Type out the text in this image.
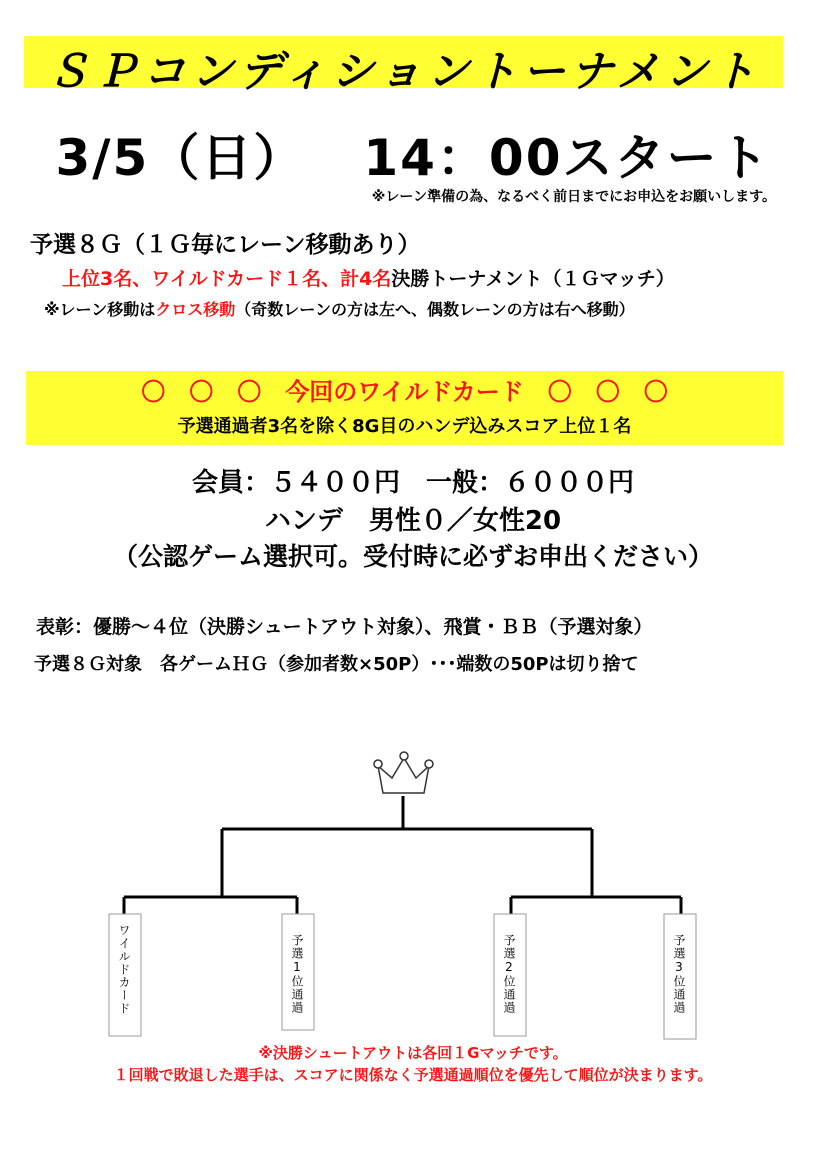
ＳＰコンディショントーナメント
3/5（日） 14：00スタート
※レーン準備の為、なるべく前日までにお申込をお願いします。
予選８Ｇ（１Ｇ毎にレーン移動あり）
上位3名、ワイルドカード１名、計4名決勝トーナメント（１Ｇマッチ）
※レーン移動はクロス移動（奇数レーンの方は左へ、偶数レーンの方は右へ移動）
〇　〇　〇　今回のワイルドカード　〇　〇　〇
予選通過者3名を除く8G目のハンデ込みスコア上位１名
会員：５４００円　一般：６０００円
ハンデ　男性０／女性20
（公認ゲーム選択可。受付時に必ずお申出ください）
表彰：優勝～４位（決勝シュートアウト対象）、飛賞・ＢＢ（予選対象）
予選８Ｇ対象　各ゲームＨＧ（参加者数×50P）･･･端数の50Pは切り捨て
ワイルドカード	予選1位通過	予選2位通過	予選3位通過
※決勝シュートアウトは各回１Gマッチです。
１回戦で敗退した選手は、スコアに関係なく予選通過順位を優先して順位が決まります。
